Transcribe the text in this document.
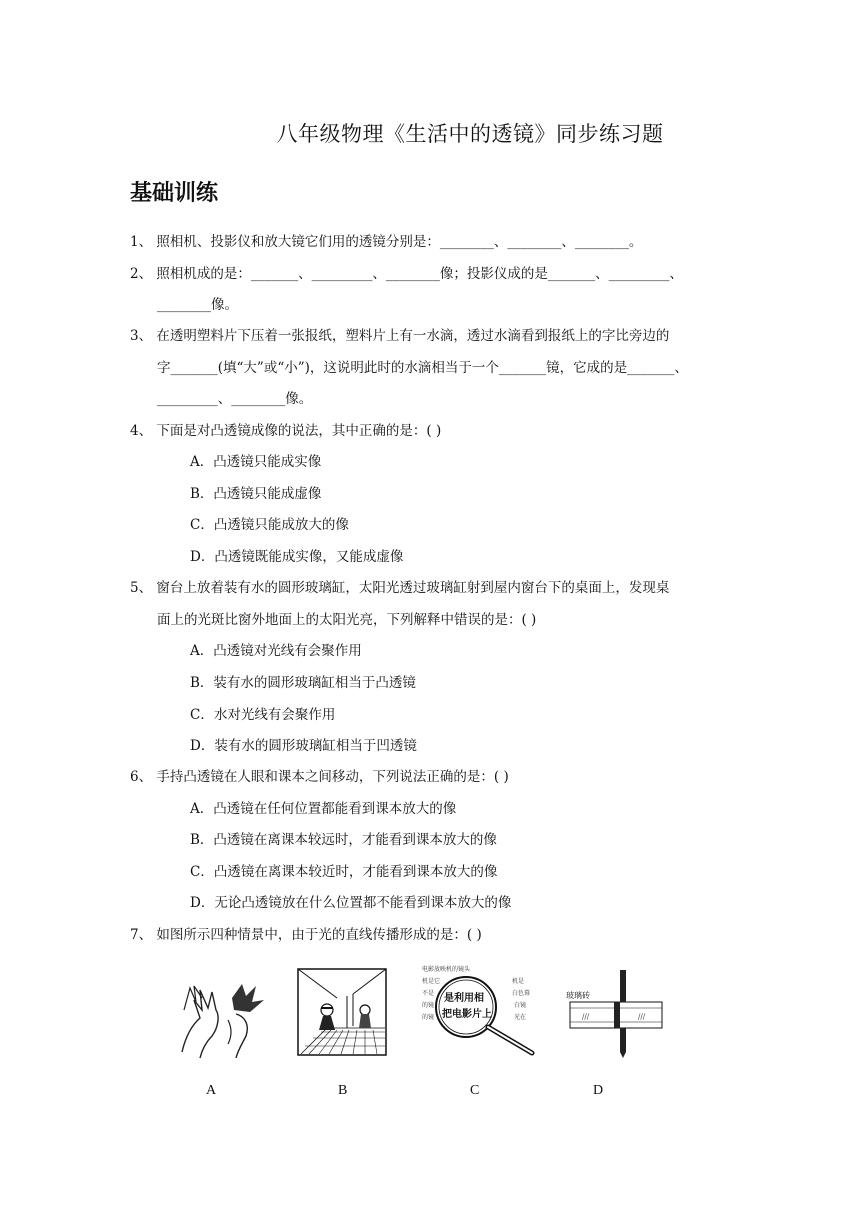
八年级物理《生活中的透镜》同步练习题
基础训练
1、 照相机、投影仪和放大镜它们用的透镜分别是：________、________、________。
2、 照相机成的是：_______、_________、________像；投影仪成的是_______、_________、
________像。
3、 在透明塑料片下压着一张报纸，塑料片上有一水滴，透过水滴看到报纸上的字比旁边的
字_______(填“大”或“小”)，这说明此时的水滴相当于一个_______镜，它成的是_______、
_________、________像。
4、 下面是对凸透镜成像的说法，其中正确的是：( )
A．凸透镜只能成实像
B．凸透镜只能成虚像
C．凸透镜只能成放大的像
D．凸透镜既能成实像，又能成虚像
5、 窗台上放着装有水的圆形玻璃缸，太阳光透过玻璃缸射到屋内窗台下的桌面上，发现桌
面上的光斑比窗外地面上的太阳光亮，下列解释中错误的是：( )
A．凸透镜对光线有会聚作用
B．装有水的圆形玻璃缸相当于凸透镜
C．水对光线有会聚作用
D．装有水的圆形玻璃缸相当于凹透镜
6、 手持凸透镜在人眼和课本之间移动，下列说法正确的是：( )
A．凸透镜在任何位置都能看到课本放大的像
B．凸透镜在离课本较远时，才能看到课本放大的像
C．凸透镜在离课本较近时，才能看到课本放大的像
D．无论凸透镜放在什么位置都不能看到课本放大的像
7、 如图所示四种情景中，由于光的直线传播形成的是：( )
电影放映机的镜头
机是它
不是
的镜
的镜
机是
白色幕
白镜
光在
是利用相
把电影片上
玻璃砖
///	///
A	B	C	D
